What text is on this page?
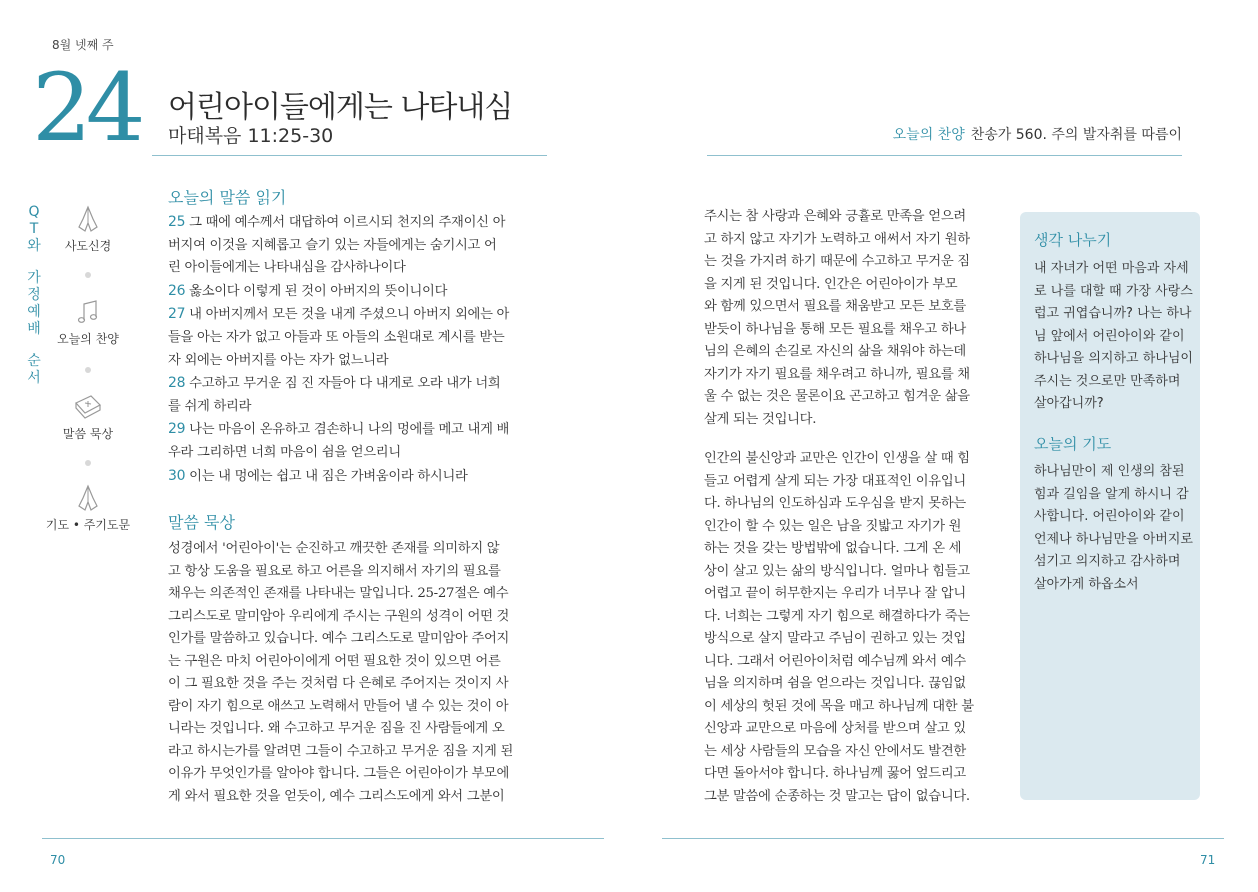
8월 넷째 주
24 어린아이들에게는 나타내심
마태복음 11:25-30	오늘의 찬양 찬송가 560. 주의 발자취를 따름이
Q
T
와
가
정
예
배
순
서
사도신경
오늘의 찬양
말씀 묵상
기도 • 주기도문
오늘의 말씀 읽기
25 그 때에 예수께서 대답하여 이르시되 천지의 주재이신 아
버지여 이것을 지혜롭고 슬기 있는 자들에게는 숨기시고 어
린 아이들에게는 나타내심을 감사하나이다
26 옳소이다 이렇게 된 것이 아버지의 뜻이니이다
27 내 아버지께서 모든 것을 내게 주셨으니 아버지 외에는 아
들을 아는 자가 없고 아들과 또 아들의 소원대로 계시를 받는
자 외에는 아버지를 아는 자가 없느니라
28 수고하고 무거운 짐 진 자들아 다 내게로 오라 내가 너희
를 쉬게 하리라
29 나는 마음이 온유하고 겸손하니 나의 멍에를 메고 내게 배
우라 그리하면 너희 마음이 쉼을 얻으리니
30 이는 내 멍에는 쉽고 내 짐은 가벼움이라 하시니라
말씀 묵상
성경에서 '어린아이'는 순진하고 깨끗한 존재를 의미하지 않
고 항상 도움을 필요로 하고 어른을 의지해서 자기의 필요를
채우는 의존적인 존재를 나타내는 말입니다. 25-27절은 예수
그리스도로 말미암아 우리에게 주시는 구원의 성격이 어떤 것
인가를 말씀하고 있습니다. 예수 그리스도로 말미암아 주어지
는 구원은 마치 어린아이에게 어떤 필요한 것이 있으면 어른
이 그 필요한 것을 주는 것처럼 다 은혜로 주어지는 것이지 사
람이 자기 힘으로 애쓰고 노력해서 만들어 낼 수 있는 것이 아
니라는 것입니다. 왜 수고하고 무거운 짐을 진 사람들에게 오
라고 하시는가를 알려면 그들이 수고하고 무거운 짐을 지게 된
이유가 무엇인가를 알아야 합니다. 그들은 어린아이가 부모에
게 와서 필요한 것을 얻듯이, 예수 그리스도에게 와서 그분이
주시는 참 사랑과 은혜와 긍휼로 만족을 얻으려
고 하지 않고 자기가 노력하고 애써서 자기 원하
는 것을 가지려 하기 때문에 수고하고 무거운 짐
을 지게 된 것입니다. 인간은 어린아이가 부모
와 함께 있으면서 필요를 채움받고 모든 보호를
받듯이 하나님을 통해 모든 필요를 채우고 하나
님의 은혜의 손길로 자신의 삶을 채워야 하는데
자기가 자기 필요를 채우려고 하니까, 필요를 채
울 수 없는 것은 물론이요 곤고하고 힘겨운 삶을
살게 되는 것입니다.
인간의 불신앙과 교만은 인간이 인생을 살 때 힘
들고 어렵게 살게 되는 가장 대표적인 이유입니
다. 하나님의 인도하심과 도우심을 받지 못하는
인간이 할 수 있는 일은 남을 짓밟고 자기가 원
하는 것을 갖는 방법밖에 없습니다. 그게 온 세
상이 살고 있는 삶의 방식입니다. 얼마나 힘들고
어렵고 끝이 허무한지는 우리가 너무나 잘 압니
다. 너희는 그렇게 자기 힘으로 해결하다가 죽는
방식으로 살지 말라고 주님이 권하고 있는 것입
니다. 그래서 어린아이처럼 예수님께 와서 예수
님을 의지하며 쉼을 얻으라는 것입니다. 끊임없
이 세상의 헛된 것에 목을 매고 하나님께 대한 불
신앙과 교만으로 마음에 상처를 받으며 살고 있
는 세상 사람들의 모습을 자신 안에서도 발견한
다면 돌아서야 합니다. 하나님께 꿇어 엎드리고
그분 말씀에 순종하는 것 말고는 답이 없습니다.
생각 나누기
내 자녀가 어떤 마음과 자세
로 나를 대할 때 가장 사랑스
럽고 귀엽습니까? 나는 하나
님 앞에서 어린아이와 같이
하나님을 의지하고 하나님이
주시는 것으로만 만족하며
살아갑니까?
오늘의 기도
하나님만이 제 인생의 참된
힘과 길임을 알게 하시니 감
사합니다. 어린아이와 같이
언제나 하나님만을 아버지로
섬기고 의지하고 감사하며
살아가게 하옵소서
70	71
